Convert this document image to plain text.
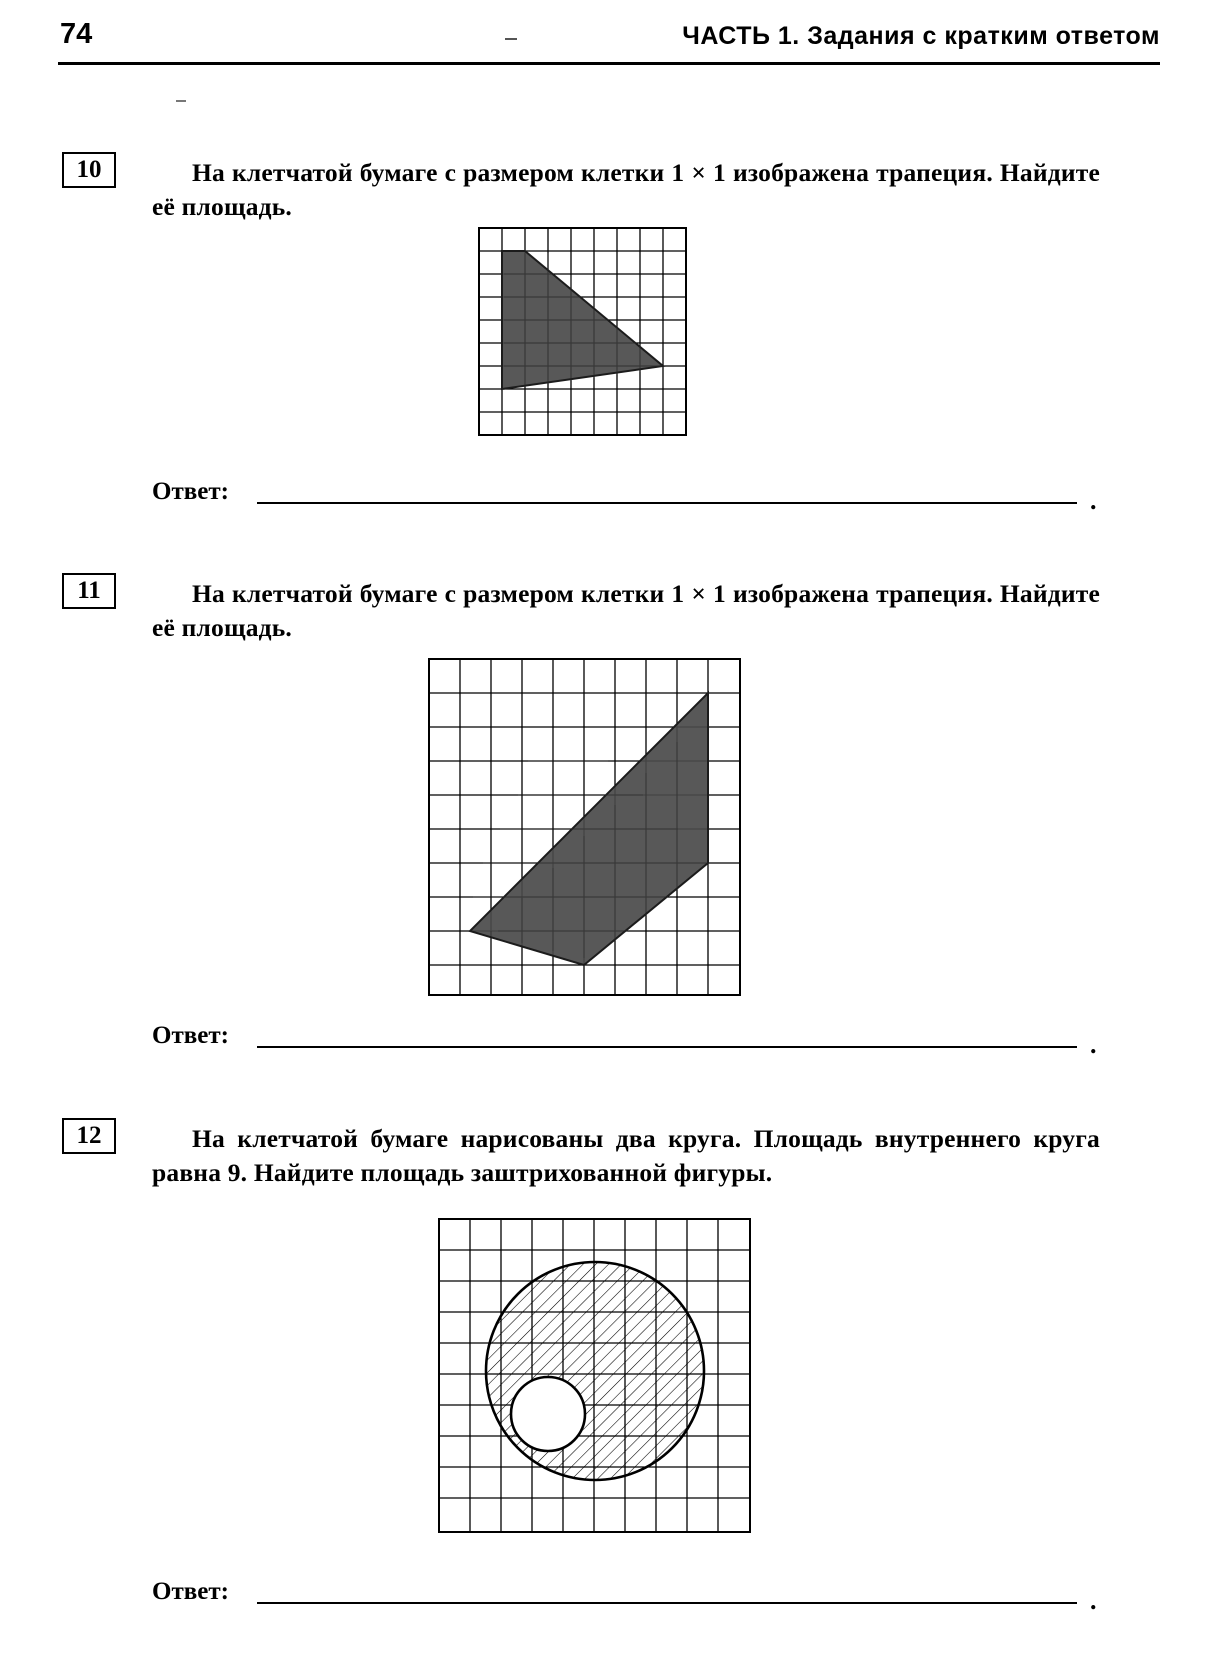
74	ЧАСТЬ 1. Задания с кратким ответом
10	На клетчатой бумаге с размером клетки 1 × 1 изображена трапеция. Найдите её площадь.
Ответ:	.
11	На клетчатой бумаге с размером клетки 1 × 1 изображена трапеция. Найдите её площадь.
Ответ:	.
12	На клетчатой бумаге нарисованы два круга. Площадь внутреннего круга равна 9. Найдите площадь заштрихованной фигуры.
Ответ:	.
